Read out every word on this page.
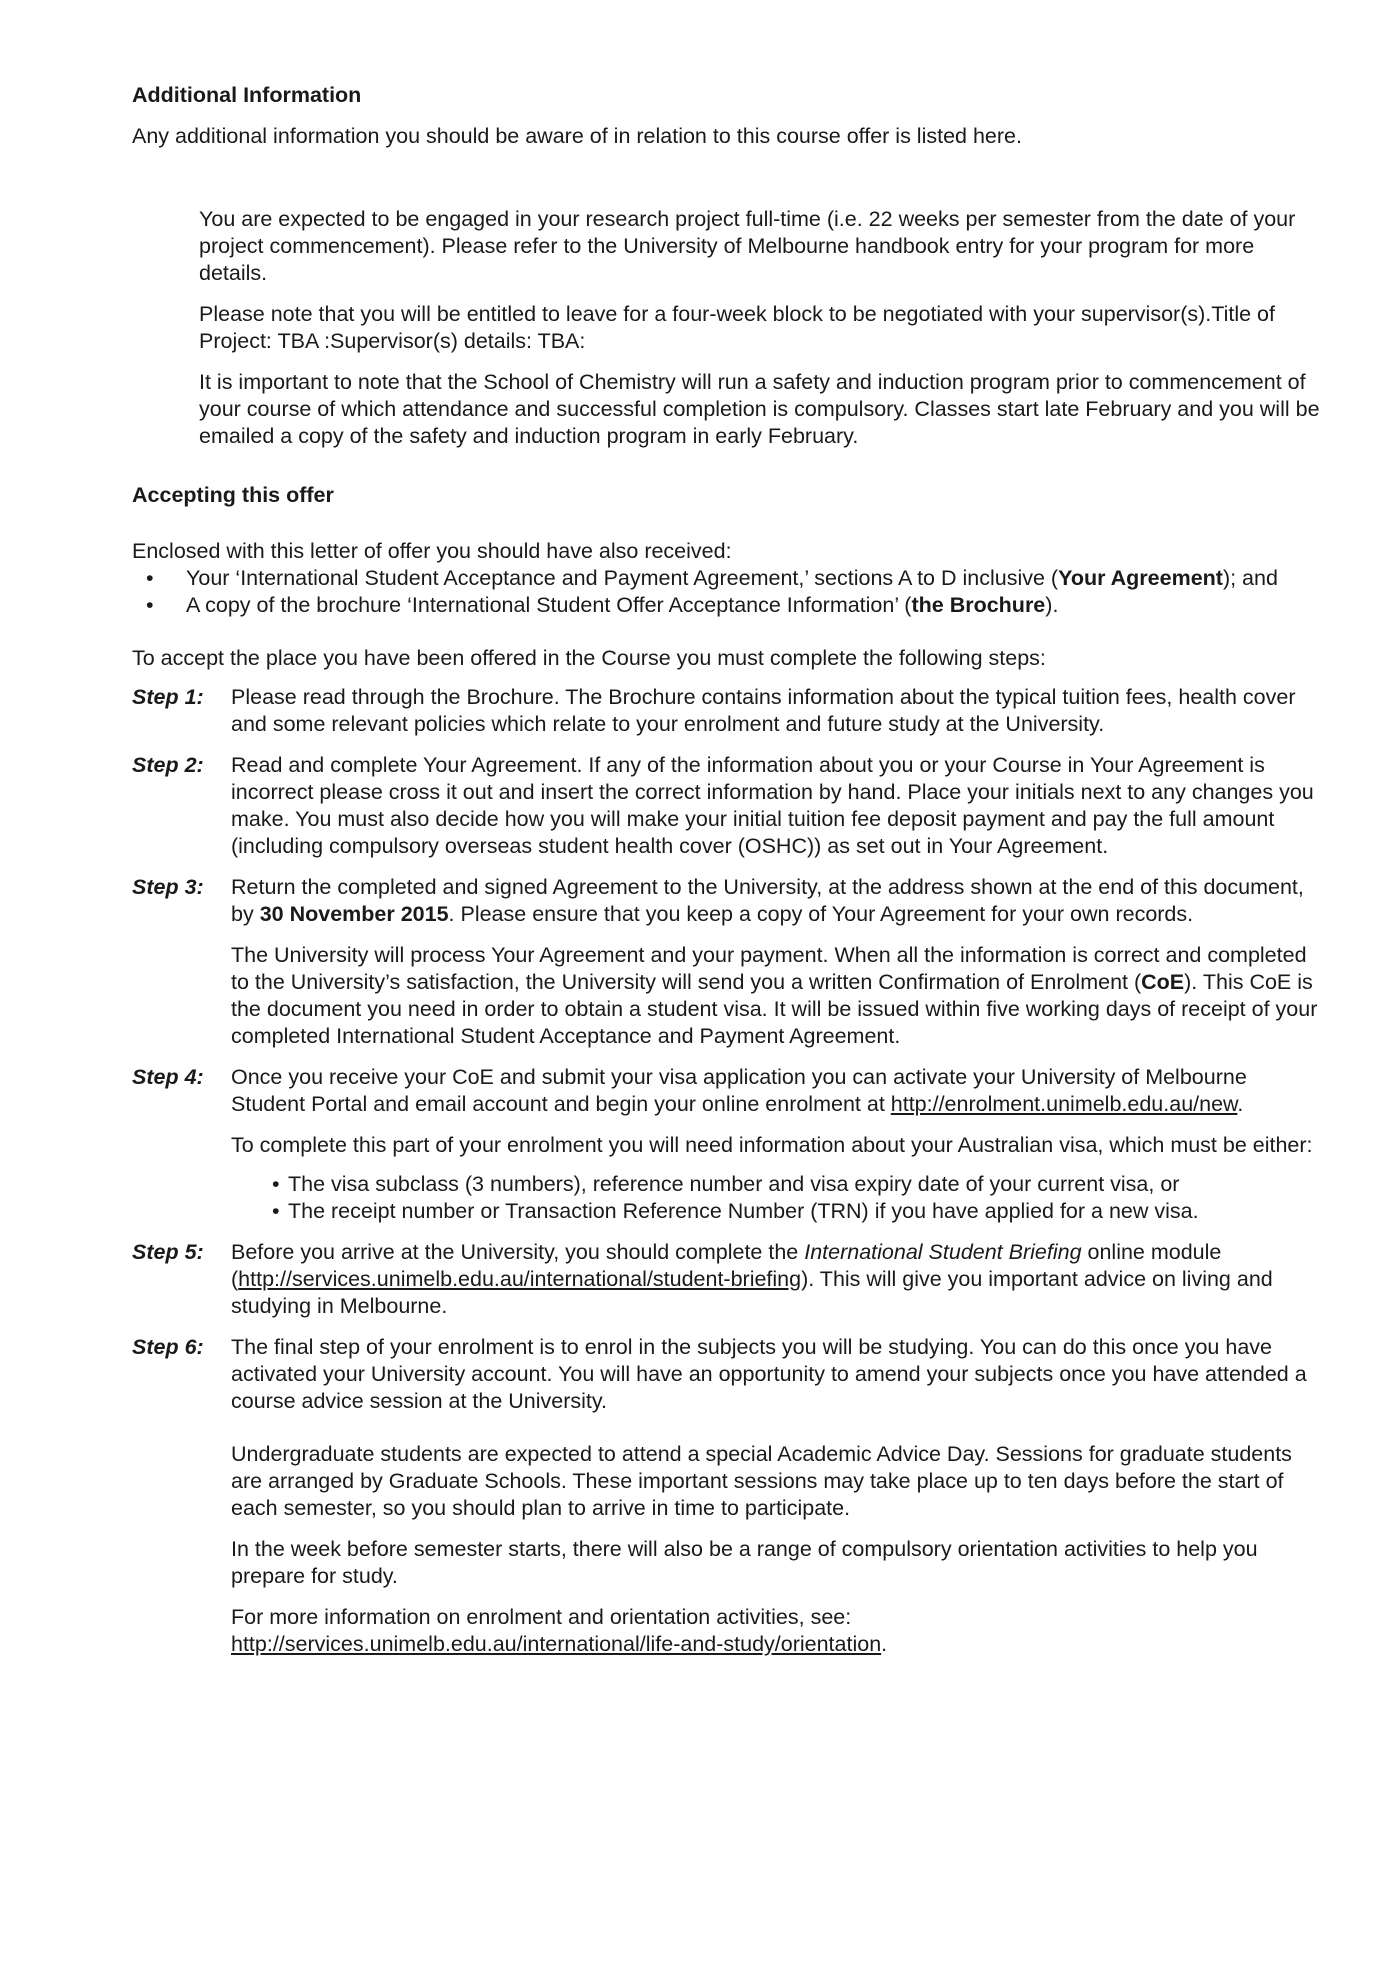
Additional Information

Any additional information you should be aware of in relation to this course offer is listed here.

You are expected to be engaged in your research project full-time (i.e. 22 weeks per semester from the date of your project commencement). Please refer to the University of Melbourne handbook entry for your program for more details.

Please note that you will be entitled to leave for a four-week block to be negotiated with your supervisor(s).Title of Project: TBA :Supervisor(s) details: TBA:

It is important to note that the School of Chemistry will run a safety and induction program prior to commencement of your course of which attendance and successful completion is compulsory. Classes start late February and you will be emailed a copy of the safety and induction program in early February.

Accepting this offer

Enclosed with this letter of offer you should have also received:

• Your ‘International Student Acceptance and Payment Agreement,’ sections A to D inclusive (Your Agreement); and
• A copy of the brochure ‘International Student Offer Acceptance Information’ (the Brochure).

To accept the place you have been offered in the Course you must complete the following steps:

Step 1:	Please read through the Brochure. The Brochure contains information about the typical tuition fees, health cover and some relevant policies which relate to your enrolment and future study at the University.

Step 2:	Read and complete Your Agreement. If any of the information about you or your Course in Your Agreement is incorrect please cross it out and insert the correct information by hand. Place your initials next to any changes you make. You must also decide how you will make your initial tuition fee deposit payment and pay the full amount (including compulsory overseas student health cover (OSHC)) as set out in Your Agreement.

Step 3:	Return the completed and signed Agreement to the University, at the address shown at the end of this document, by 30 November 2015. Please ensure that you keep a copy of Your Agreement for your own records.

The University will process Your Agreement and your payment. When all the information is correct and completed to the University’s satisfaction, the University will send you a written Confirmation of Enrolment (CoE). This CoE is the document you need in order to obtain a student visa. It will be issued within five working days of receipt of your completed International Student Acceptance and Payment Agreement.

Step 4:	Once you receive your CoE and submit your visa application you can activate your University of Melbourne Student Portal and email account and begin your online enrolment at http://enrolment.unimelb.edu.au/new.

To complete this part of your enrolment you will need information about your Australian visa, which must be either:

• The visa subclass (3 numbers), reference number and visa expiry date of your current visa, or
• The receipt number or Transaction Reference Number (TRN) if you have applied for a new visa.
Step 5:	Before you arrive at the University, you should complete the International Student Briefing online module (http://services.unimelb.edu.au/international/student-briefing). This will give you important advice on living and studying in Melbourne.

Step 6:	The final step of your enrolment is to enrol in the subjects you will be studying. You can do this once you have activated your University account. You will have an opportunity to amend your subjects once you have attended a course advice session at the University.

Undergraduate students are expected to attend a special Academic Advice Day. Sessions for graduate students are arranged by Graduate Schools. These important sessions may take place up to ten days before the start of each semester, so you should plan to arrive in time to participate.

In the week before semester starts, there will also be a range of compulsory orientation activities to help you prepare for study.

For more information on enrolment and orientation activities, see:
http://services.unimelb.edu.au/international/life-and-study/orientation.
